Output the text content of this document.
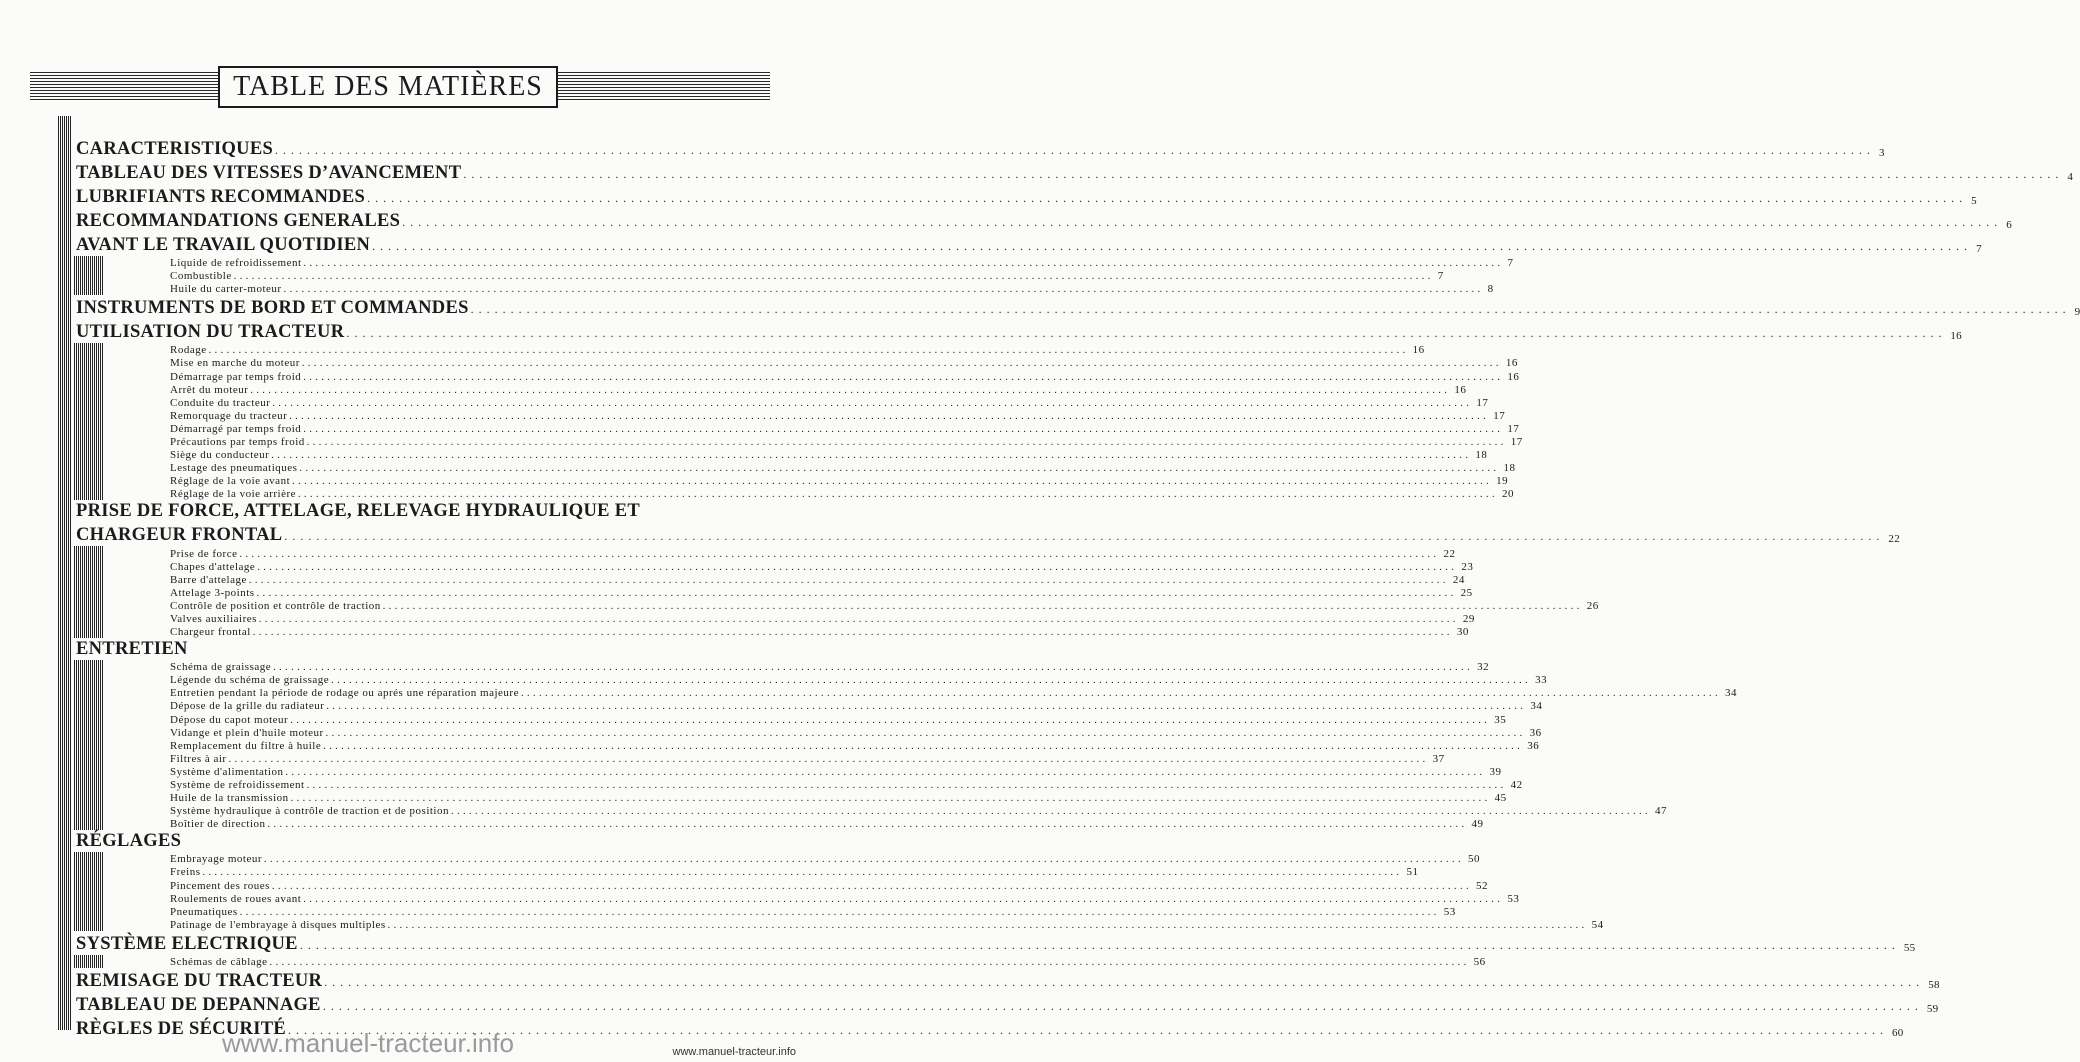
TABLE DES MATIÈRES
CARACTERISTIQUES ........................................................................................................................................................................................................ 3
TABLEAU DES VITESSES D’AVANCEMENT ........................................................................................................................................................................................................ 4
LUBRIFIANTS RECOMMANDES ........................................................................................................................................................................................................ 5
RECOMMANDATIONS GENERALES ........................................................................................................................................................................................................ 6
AVANT LE TRAVAIL QUOTIDIEN ........................................................................................................................................................................................................ 7
Liquide de refroidissement ........................................................................................................................................................................................................ 7
Combustible ........................................................................................................................................................................................................ 7
Huile du carter-moteur ........................................................................................................................................................................................................ 8
INSTRUMENTS DE BORD ET COMMANDES ........................................................................................................................................................................................................ 9
UTILISATION DU TRACTEUR ........................................................................................................................................................................................................ 16
Rodage ........................................................................................................................................................................................................ 16
Mise en marche du moteur ........................................................................................................................................................................................................ 16
Démarrage par temps froid ........................................................................................................................................................................................................ 16
Arrêt du moteur ........................................................................................................................................................................................................ 16
Conduite du tracteur ........................................................................................................................................................................................................ 17
Remorquage du tracteur ........................................................................................................................................................................................................ 17
Démarragé par temps froid ........................................................................................................................................................................................................ 17
Précautions par temps froid ........................................................................................................................................................................................................ 17
Siège du conducteur ........................................................................................................................................................................................................ 18
Lestage des pneumatiques ........................................................................................................................................................................................................ 18
Réglage de la voie avant ........................................................................................................................................................................................................ 19
Réglage de la voie arrière ........................................................................................................................................................................................................ 20
PRISE DE FORCE, ATTELAGE, RELEVAGE HYDRAULIQUE ET
CHARGEUR FRONTAL ........................................................................................................................................................................................................ 22
Prise de force ........................................................................................................................................................................................................ 22
Chapes d'attelage ........................................................................................................................................................................................................ 23
Barre d'attelage ........................................................................................................................................................................................................ 24
Attelage 3-points ........................................................................................................................................................................................................ 25
Contrôle de position et contrôle de traction ........................................................................................................................................................................................................ 26
Valves auxiliaires ........................................................................................................................................................................................................ 29
Chargeur frontal ........................................................................................................................................................................................................ 30
ENTRETIEN
Schéma de graissage ........................................................................................................................................................................................................ 32
Légende du schéma de graissage ........................................................................................................................................................................................................ 33
Entretien pendant la période de rodage ou aprés une réparation majeure ........................................................................................................................................................................................................ 34
Dépose de la grille du radiateur ........................................................................................................................................................................................................ 34
Dépose du capot moteur ........................................................................................................................................................................................................ 35
Vidange et plein d'huile moteur ........................................................................................................................................................................................................ 36
Remplacement du filtre à huile ........................................................................................................................................................................................................ 36
Filtres à air ........................................................................................................................................................................................................ 37
Système d'alimentation ........................................................................................................................................................................................................ 39
Système de refroidissement ........................................................................................................................................................................................................ 42
Huile de la transmission ........................................................................................................................................................................................................ 45
Système hydraulique à contrôle de traction et de position ........................................................................................................................................................................................................ 47
Boîtier de direction ........................................................................................................................................................................................................ 49
RÉGLAGES
Embrayage moteur ........................................................................................................................................................................................................ 50
Freins ........................................................................................................................................................................................................ 51
Pincement des roues ........................................................................................................................................................................................................ 52
Roulements de roues avant ........................................................................................................................................................................................................ 53
Pneumatiques ........................................................................................................................................................................................................ 53
Patinage de l'embrayage à disques multiples ........................................................................................................................................................................................................ 54
SYSTÈME ELECTRIQUE ........................................................................................................................................................................................................ 55
Schémas de câblage ........................................................................................................................................................................................................ 56
REMISAGE DU TRACTEUR ........................................................................................................................................................................................................ 58
TABLEAU DE DEPANNAGE ........................................................................................................................................................................................................ 59
RÈGLES DE SÉCURITÉ ........................................................................................................................................................................................................ 60
www.manuel-tracteur.info	www.manuel-tracteur.info
